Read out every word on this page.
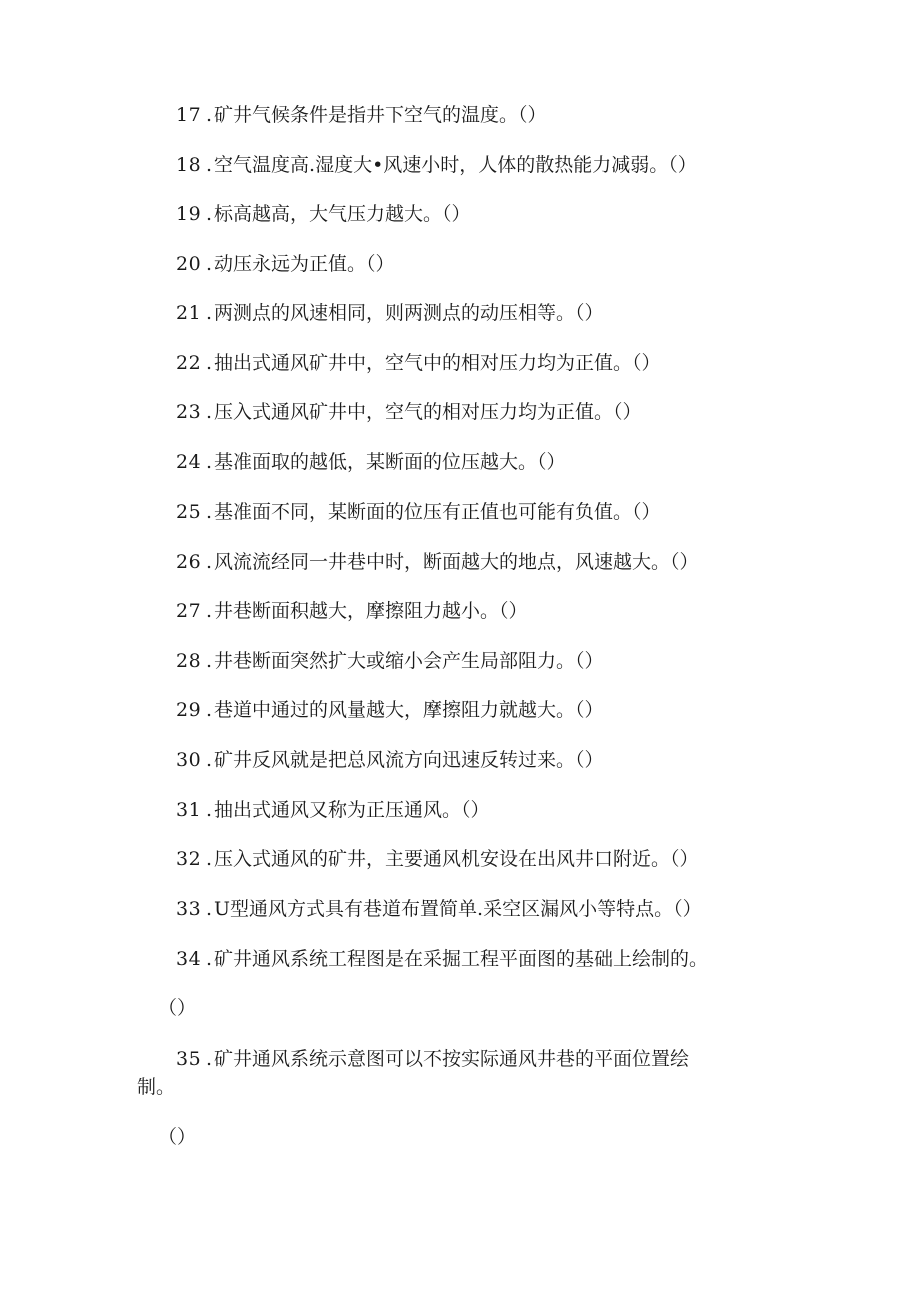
17 . 矿井气候条件是指井下空气的温度。（）
18 . 空气温度高.湿度大•风速小时，人体的散热能力减弱。（）
19 . 标高越高，大气压力越大。（）
20 . 动压永远为正值。（）
21 . 两测点的风速相同，则两测点的动压相等。（）
22 . 抽出式通风矿井中，空气中的相对压力均为正值。（）
23 . 压入式通风矿井中，空气的相对压力均为正值。（）
24 . 基准面取的越低，某断面的位压越大。（）
25 . 基准面不同，某断面的位压有正值也可能有负值。（）
26 . 风流流经同一井巷中时，断面越大的地点，风速越大。（）
27 . 井巷断面积越大，摩擦阻力越小。（）
28 . 井巷断面突然扩大或缩小会产生局部阻力。（）
29 . 巷道中通过的风量越大，摩擦阻力就越大。（）
30 . 矿井反风就是把总风流方向迅速反转过来。（）
31 . 抽出式通风又称为正压通风。（）
32 . 压入式通风的矿井，主要通风机安设在出风井口附近。（）
33 . U型通风方式具有巷道布置简单.采空区漏风小等特点。（）
34 . 矿井通风系统工程图是在采掘工程平面图的基础上绘制的。
（）
35 . 矿井通风系统示意图可以不按实际通风井巷的平面位置绘
制。
（）
